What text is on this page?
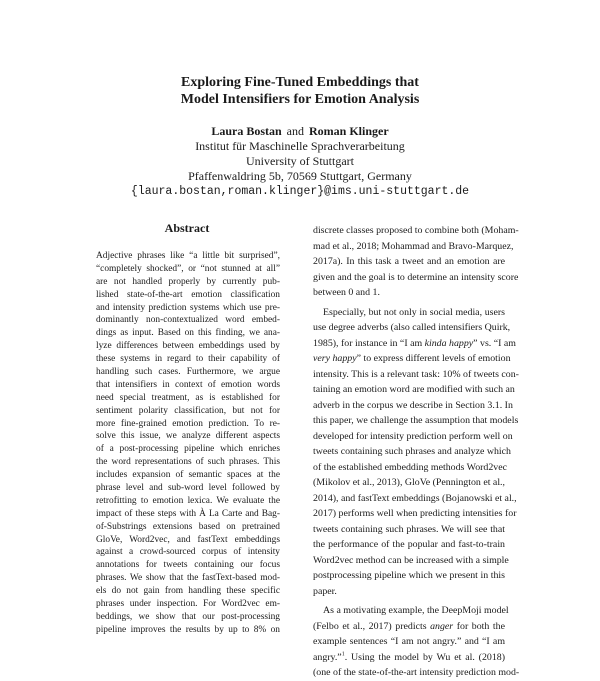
Exploring Fine-Tuned Embeddings that
Model Intensifiers for Emotion Analysis
Laura Bostan and Roman Klinger
Institut für Maschinelle Sprachverarbeitung
University of Stuttgart
Pfaffenwaldring 5b, 70569 Stuttgart, Germany
{laura.bostan,roman.klinger}@ims.uni-stuttgart.de
Abstract
Adjective phrases like “a little bit surprised”,
“completely shocked”, or “not stunned at all”
are not handled properly by currently pub-
lished state-of-the-art emotion classification
and intensity prediction systems which use pre-
dominantly non-contextualized word embed-
dings as input. Based on this finding, we ana-
lyze differences between embeddings used by
these systems in regard to their capability of
handling such cases. Furthermore, we argue
that intensifiers in context of emotion words
need special treatment, as is established for
sentiment polarity classification, but not for
more fine-grained emotion prediction. To re-
solve this issue, we analyze different aspects
of a post-processing pipeline which enriches
the word representations of such phrases. This
includes expansion of semantic spaces at the
phrase level and sub-word level followed by
retrofitting to emotion lexica. We evaluate the
impact of these steps with À La Carte and Bag-
of-Substrings extensions based on pretrained
GloVe, Word2vec, and fastText embeddings
against a crowd-sourced corpus of intensity
annotations for tweets containing our focus
phrases. We show that the fastText-based mod-
els do not gain from handling these specific
phrases under inspection. For Word2vec em-
beddings, we show that our post-processing
pipeline improves the results by up to 8% on
discrete classes proposed to combine both (Moham-
mad et al., 2018; Mohammad and Bravo-Marquez,
2017a). In this task a tweet and an emotion are
given and the goal is to determine an intensity score
between 0 and 1.
Especially, but not only in social media, users
use degree adverbs (also called intensifiers Quirk,
1985), for instance in “I am kinda happy” vs. “I am
very happy” to express different levels of emotion
intensity. This is a relevant task: 10% of tweets con-
taining an emotion word are modified with such an
adverb in the corpus we describe in Section 3.1. In
this paper, we challenge the assumption that models
developed for intensity prediction perform well on
tweets containing such phrases and analyze which
of the established embedding methods Word2vec
(Mikolov et al., 2013), GloVe (Pennington et al.,
2014), and fastText embeddings (Bojanowski et al.,
2017) performs well when predicting intensities for
tweets containing such phrases. We will see that
the performance of the popular and fast-to-train
Word2vec method can be increased with a simple
postprocessing pipeline which we present in this
paper.
As a motivating example, the DeepMoji model
(Felbo et al., 2017) predicts anger for both the
example sentences “I am not angry.” and “I am
angry.”$^1$. Using the model by Wu et al. (2018)
(one of the state-of-the-art intensity prediction mod-
